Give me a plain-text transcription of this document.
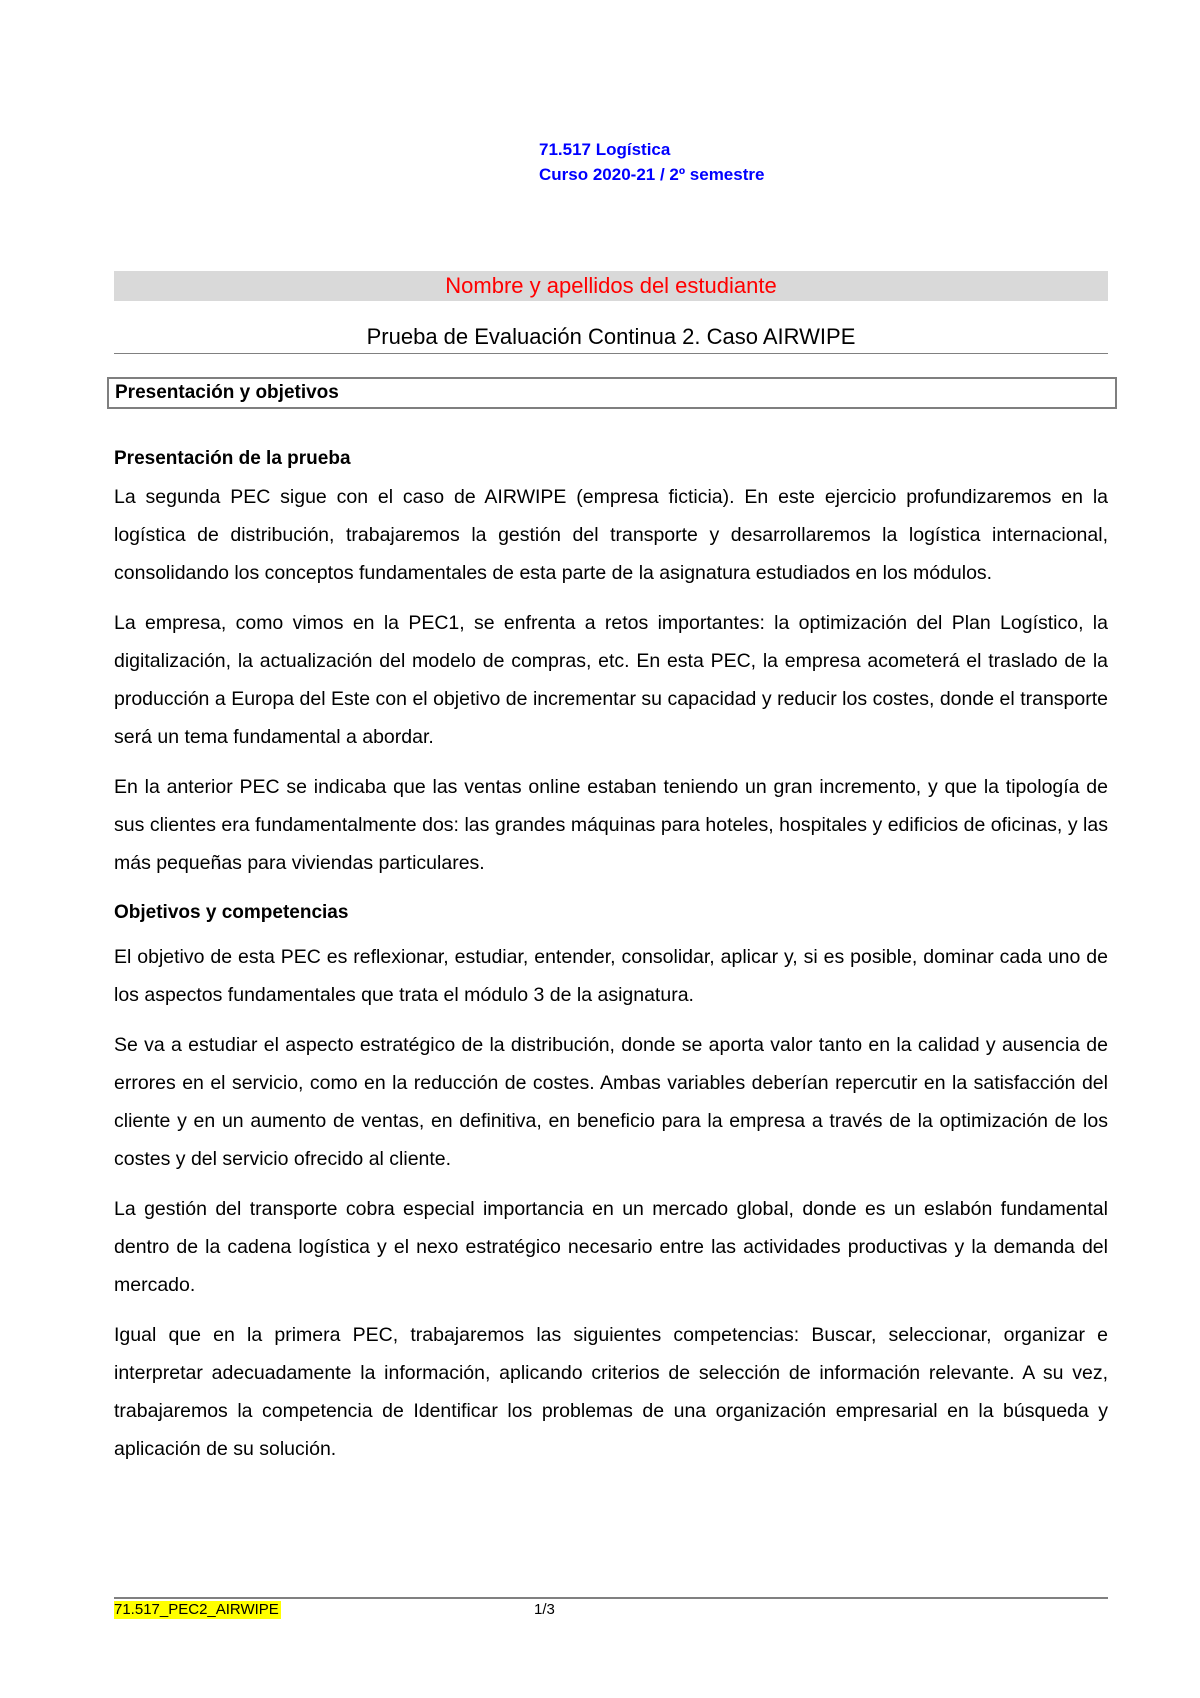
71.517 Logística
Curso 2020-21 / 2º semestre
Nombre y apellidos del estudiante
Prueba de Evaluación Continua 2. Caso AIRWIPE
Presentación y objetivos

Presentación de la prueba

La segunda PEC sigue con el caso de AIRWIPE (empresa ficticia). En este ejercicio profundizaremos en la logística de distribución, trabajaremos la gestión del transporte y desarrollaremos la logística internacional, consolidando los conceptos fundamentales de esta parte de la asignatura estudiados en los módulos.

La empresa, como vimos en la PEC1, se enfrenta a retos importantes: la optimización del Plan Logístico, la digitalización, la actualización del modelo de compras, etc. En esta PEC, la empresa acometerá el traslado de la producción a Europa del Este con el objetivo de incrementar su capacidad y reducir los costes, donde el transporte será un tema fundamental a abordar.

En la anterior PEC se indicaba que las ventas online estaban teniendo un gran incremento, y que la tipología de sus clientes era fundamentalmente dos: las grandes máquinas para hoteles, hospitales y edificios de oficinas, y las más pequeñas para viviendas particulares.

Objetivos y competencias

El objetivo de esta PEC es reflexionar, estudiar, entender, consolidar, aplicar y, si es posible, dominar cada uno de los aspectos fundamentales que trata el módulo 3 de la asignatura.

Se va a estudiar el aspecto estratégico de la distribución, donde se aporta valor tanto en la calidad y ausencia de errores en el servicio, como en la reducción de costes. Ambas variables deberían repercutir en la satisfacción del cliente y en un aumento de ventas, en definitiva, en beneficio para la empresa a través de la optimización de los costes y del servicio ofrecido al cliente.

La gestión del transporte cobra especial importancia en un mercado global, donde es un eslabón fundamental dentro de la cadena logística y el nexo estratégico necesario entre las actividades productivas y la demanda del mercado.

Igual que en la primera PEC, trabajaremos las siguientes competencias: Buscar, seleccionar, organizar e interpretar adecuadamente la información, aplicando criterios de selección de información relevante. A su vez, trabajaremos la competencia de Identificar los problemas de una organización empresarial en la búsqueda y aplicación de su solución.

71.517_PEC2_AIRWIPE	1/3
